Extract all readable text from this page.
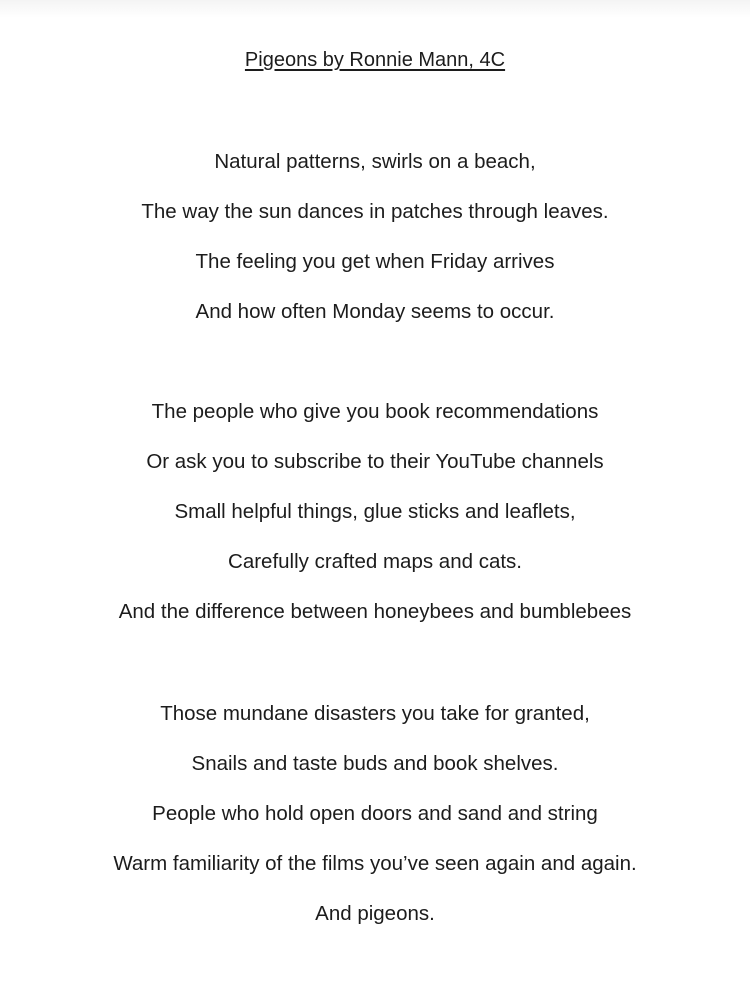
Pigeons by Ronnie Mann, 4C
Natural patterns, swirls on a beach,
The way the sun dances in patches through leaves.
The feeling you get when Friday arrives
And how often Monday seems to occur.
The people who give you book recommendations
Or ask you to subscribe to their YouTube channels
Small helpful things, glue sticks and leaflets,
Carefully crafted maps and cats.
And the difference between honeybees and bumblebees
Those mundane disasters you take for granted,
Snails and taste buds and book shelves.
People who hold open doors and sand and string
Warm familiarity of the films you’ve seen again and again.
And pigeons.
